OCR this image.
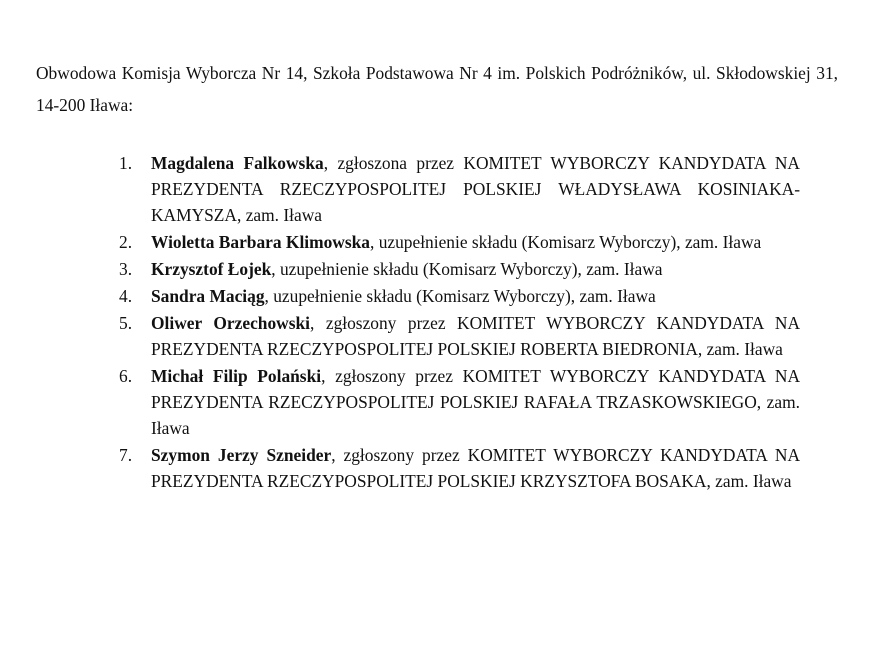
Obwodowa Komisja Wyborcza Nr 14, Szkoła Podstawowa Nr 4 im. Polskich Podróżników, ul. Skłodowskiej 31, 14-200 Iława:

1.	Magdalena Falkowska, zgłoszona przez KOMITET WYBORCZY KANDYDATA NA PREZYDENTA RZECZYPOSPOLITEJ POLSKIEJ WŁADYSŁAWA KOSINIAKA-KAMYSZA, zam. Iława
2.	Wioletta Barbara Klimowska, uzupełnienie składu (Komisarz Wyborczy), zam. Iława
3.	Krzysztof Łojek, uzupełnienie składu (Komisarz Wyborczy), zam. Iława
4.	Sandra Maciąg, uzupełnienie składu (Komisarz Wyborczy), zam. Iława
5.	Oliwer Orzechowski, zgłoszony przez KOMITET WYBORCZY KANDYDATA NA PREZYDENTA RZECZYPOSPOLITEJ POLSKIEJ ROBERTA BIEDRONIA, zam. Iława
6.	Michał Filip Polański, zgłoszony przez KOMITET WYBORCZY KANDYDATA NA PREZYDENTA RZECZYPOSPOLITEJ POLSKIEJ RAFAŁA TRZASKOWSKIEGO, zam. Iława
7.	Szymon Jerzy Szneider, zgłoszony przez KOMITET WYBORCZY KANDYDATA NA PREZYDENTA RZECZYPOSPOLITEJ POLSKIEJ KRZYSZTOFA BOSAKA, zam. Iława
